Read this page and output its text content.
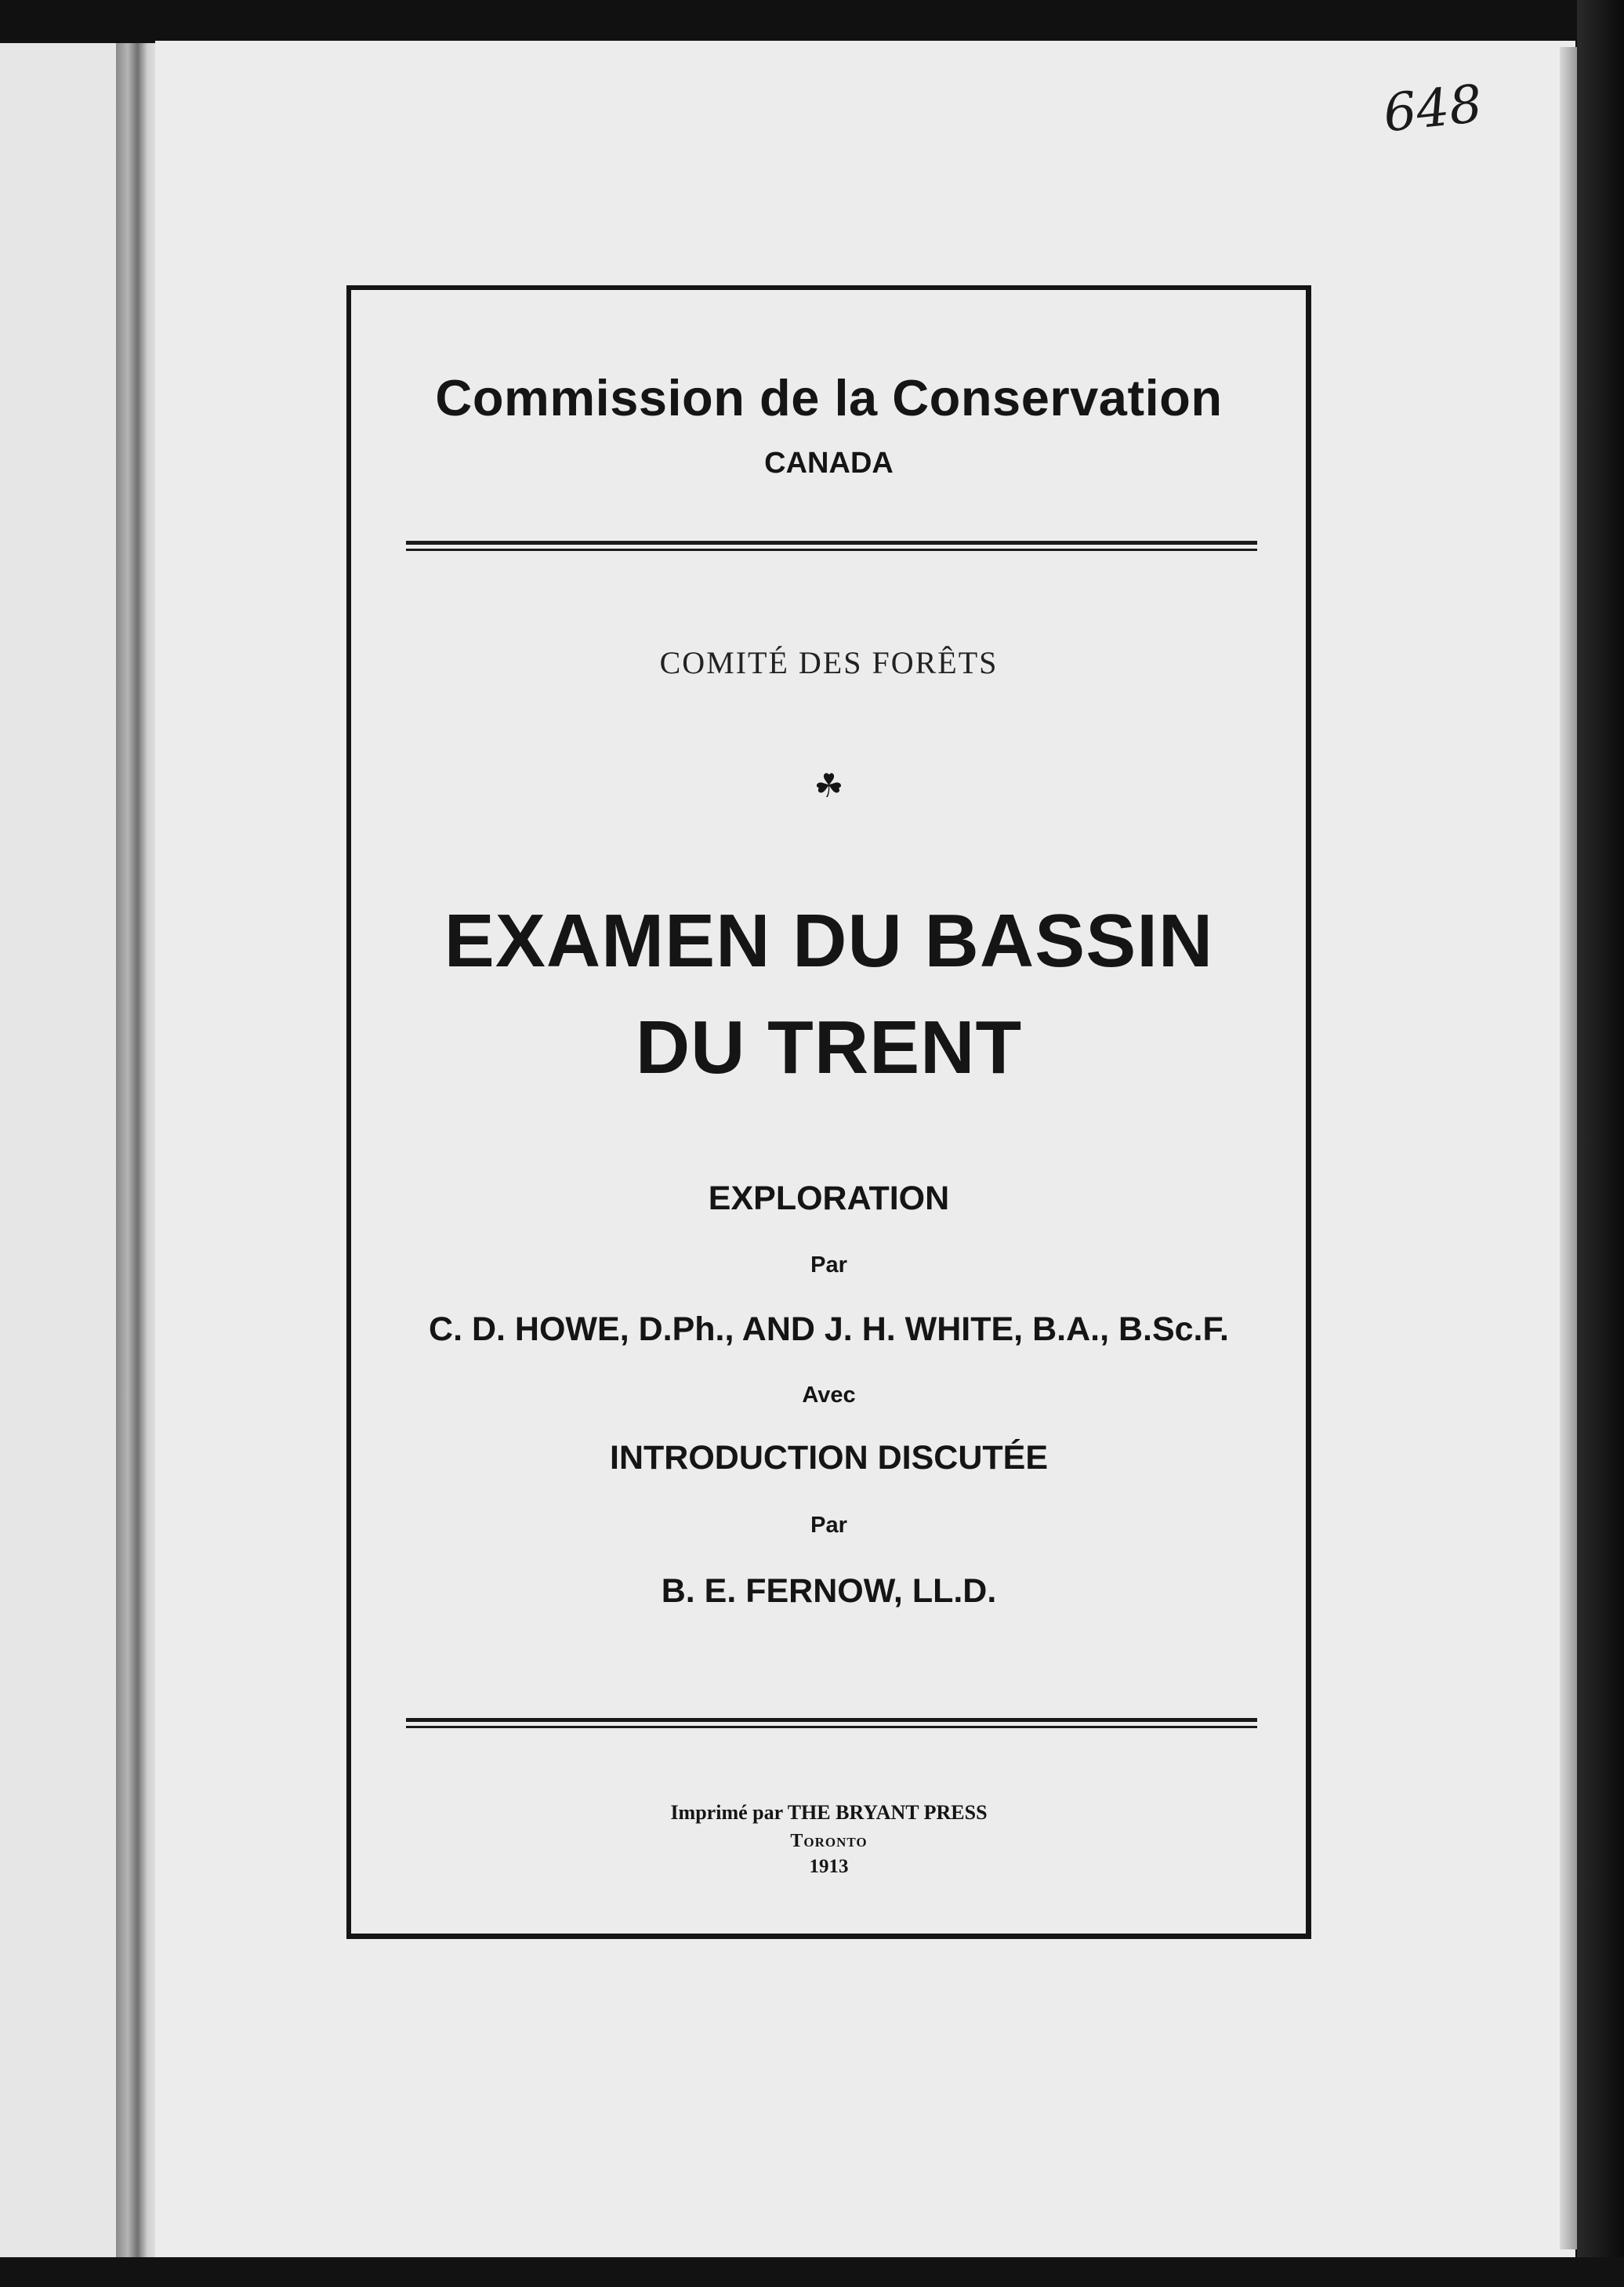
648
Commission de la Conservation
CANADA
COMITÉ DES FORÊTS
☘
EXAMEN DU BASSIN
DU TRENT
EXPLORATION
Par
C. D. HOWE, D.Ph., AND J. H. WHITE, B.A., B.Sc.F.
Avec
INTRODUCTION DISCUTÉE
Par
B. E. FERNOW, LL.D.
Imprimé par THE BRYANT PRESS
Toronto
1913
